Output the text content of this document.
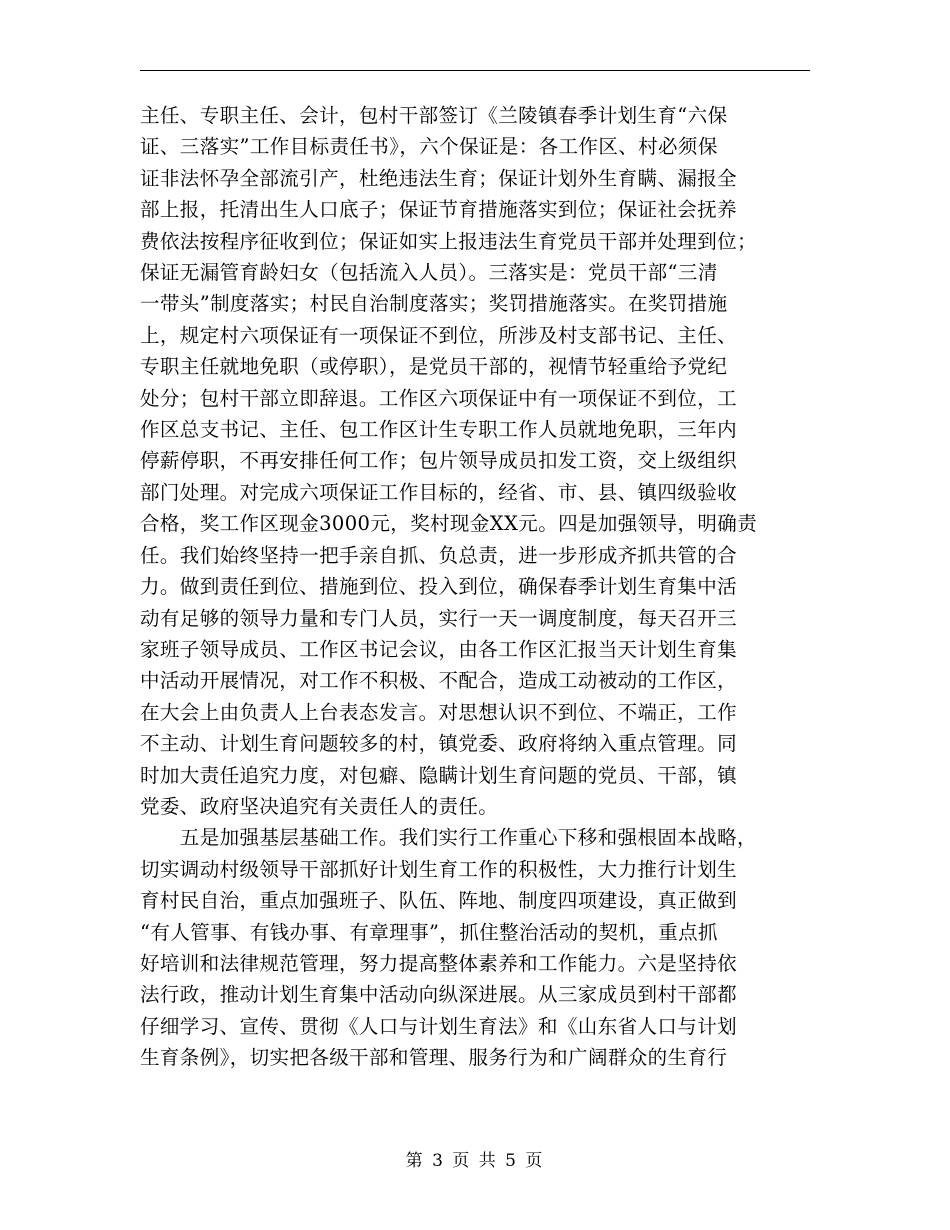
主任、专职主任、会计，包村干部签订《兰陵镇春季计划生育“六保
证、三落实”工作目标责任书》，六个保证是：各工作区、村必须保
证非法怀孕全部流引产，杜绝违法生育；保证计划外生育瞒、漏报全
部上报，托清出生人口底子；保证节育措施落实到位；保证社会抚养
费依法按程序征收到位；保证如实上报违法生育党员干部并处理到位；
保证无漏管育龄妇女（包括流入人员）。三落实是：党员干部“三清
一带头”制度落实；村民自治制度落实；奖罚措施落实。在奖罚措施
上，规定村六项保证有一项保证不到位，所涉及村支部书记、主任、
专职主任就地免职（或停职），是党员干部的，视情节轻重给予党纪
处分；包村干部立即辞退。工作区六项保证中有一项保证不到位，工
作区总支书记、主任、包工作区计生专职工作人员就地免职，三年内
停薪停职，不再安排任何工作；包片领导成员扣发工资，交上级组织
部门处理。对完成六项保证工作目标的，经省、市、县、镇四级验收
合格，奖工作区现金3000元，奖村现金XX元。四是加强领导，明确责
任。我们始终坚持一把手亲自抓、负总责，进一步形成齐抓共管的合
力。做到责任到位、措施到位、投入到位，确保春季计划生育集中活
动有足够的领导力量和专门人员，实行一天一调度制度，每天召开三
家班子领导成员、工作区书记会议，由各工作区汇报当天计划生育集
中活动开展情况，对工作不积极、不配合，造成工动被动的工作区，
在大会上由负责人上台表态发言。对思想认识不到位、不端正，工作
不主动、计划生育问题较多的村，镇党委、政府将纳入重点管理。同
时加大责任追究力度，对包癖、隐瞒计划生育问题的党员、干部，镇
党委、政府坚决追究有关责任人的责任。
　　五是加强基层基础工作。我们实行工作重心下移和强根固本战略，
切实调动村级领导干部抓好计划生育工作的积极性，大力推行计划生
育村民自治，重点加强班子、队伍、阵地、制度四项建设，真正做到
“有人管事、有钱办事、有章理事”，抓住整治活动的契机，重点抓
好培训和法律规范管理，努力提高整体素养和工作能力。六是坚持依
法行政，推动计划生育集中活动向纵深进展。从三家成员到村干部都
仔细学习、宣传、贯彻《人口与计划生育法》和《山东省人口与计划
生育条例》，切实把各级干部和管理、服务行为和广阔群众的生育行
第 3 页 共 5 页
